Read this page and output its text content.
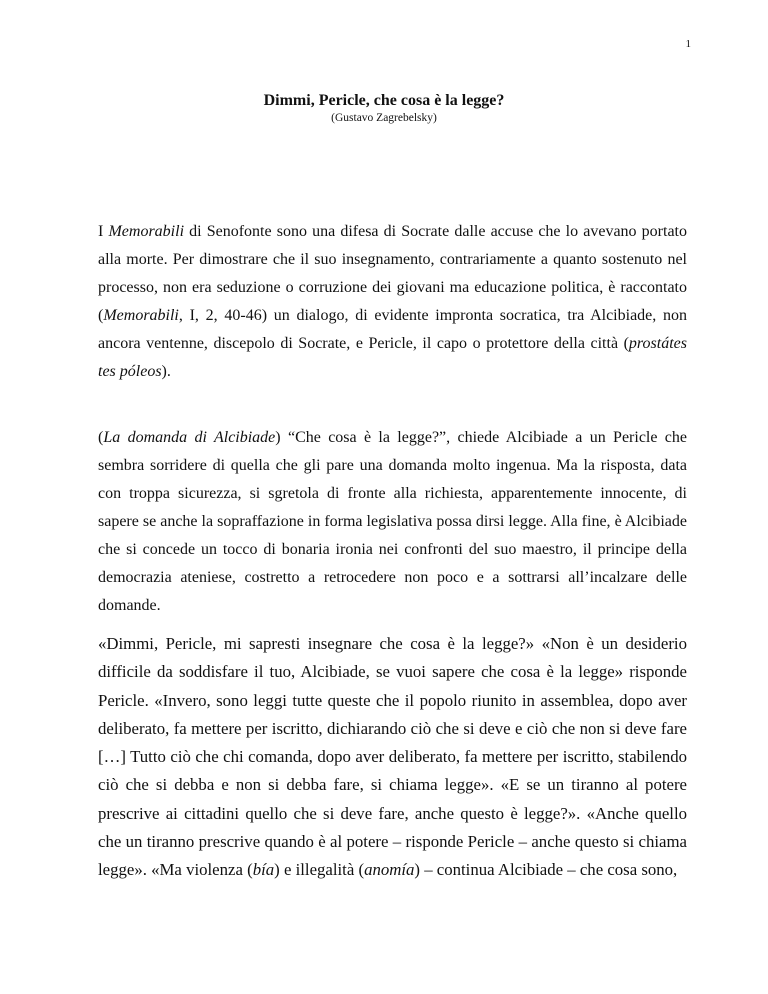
1
Dimmi, Pericle, che cosa è la legge?
(Gustavo Zagrebelsky)

I Memorabili di Senofonte sono una difesa di Socrate dalle accuse che lo avevano portato alla morte. Per dimostrare che il suo insegnamento, contrariamente a quanto sostenuto nel processo, non era seduzione o corruzione dei giovani ma educazione politica, è raccontato (Memorabili, I, 2, 40-46) un dialogo, di evidente impronta socratica, tra Alcibiade, non ancora ventenne, discepolo di Socrate, e Pericle, il capo o protettore della città (prostátes tes póleos).

(La domanda di Alcibiade) “Che cosa è la legge?”, chiede Alcibiade a un Pericle che sembra sorridere di quella che gli pare una domanda molto ingenua. Ma la risposta, data con troppa sicurezza, si sgretola di fronte alla richiesta, apparentemente innocente, di sapere se anche la sopraffazione in forma legislativa possa dirsi legge. Alla fine, è Alcibiade che si concede un tocco di bonaria ironia nei confronti del suo maestro, il principe della democrazia ateniese, costretto a retrocedere non poco e a sottrarsi all’incalzare delle domande.

«Dimmi, Pericle, mi sapresti insegnare che cosa è la legge?» «Non è un desiderio difficile da soddisfare il tuo, Alcibiade, se vuoi sapere che cosa è la legge» risponde Pericle. «Invero, sono leggi tutte queste che il popolo riunito in assemblea, dopo aver deliberato, fa mettere per iscritto, dichiarando ciò che si deve e ciò che non si deve fare […] Tutto ciò che chi comanda, dopo aver deliberato, fa mettere per iscritto, stabilendo ciò che si debba e non si debba fare, si chiama legge». «E se un tiranno al potere prescrive ai cittadini quello che si deve fare, anche questo è legge?». «Anche quello che un tiranno prescrive quando è al potere – risponde Pericle – anche questo si chiama legge». «Ma violenza (bía) e illegalità (anomía) – continua Alcibiade – che cosa sono,
